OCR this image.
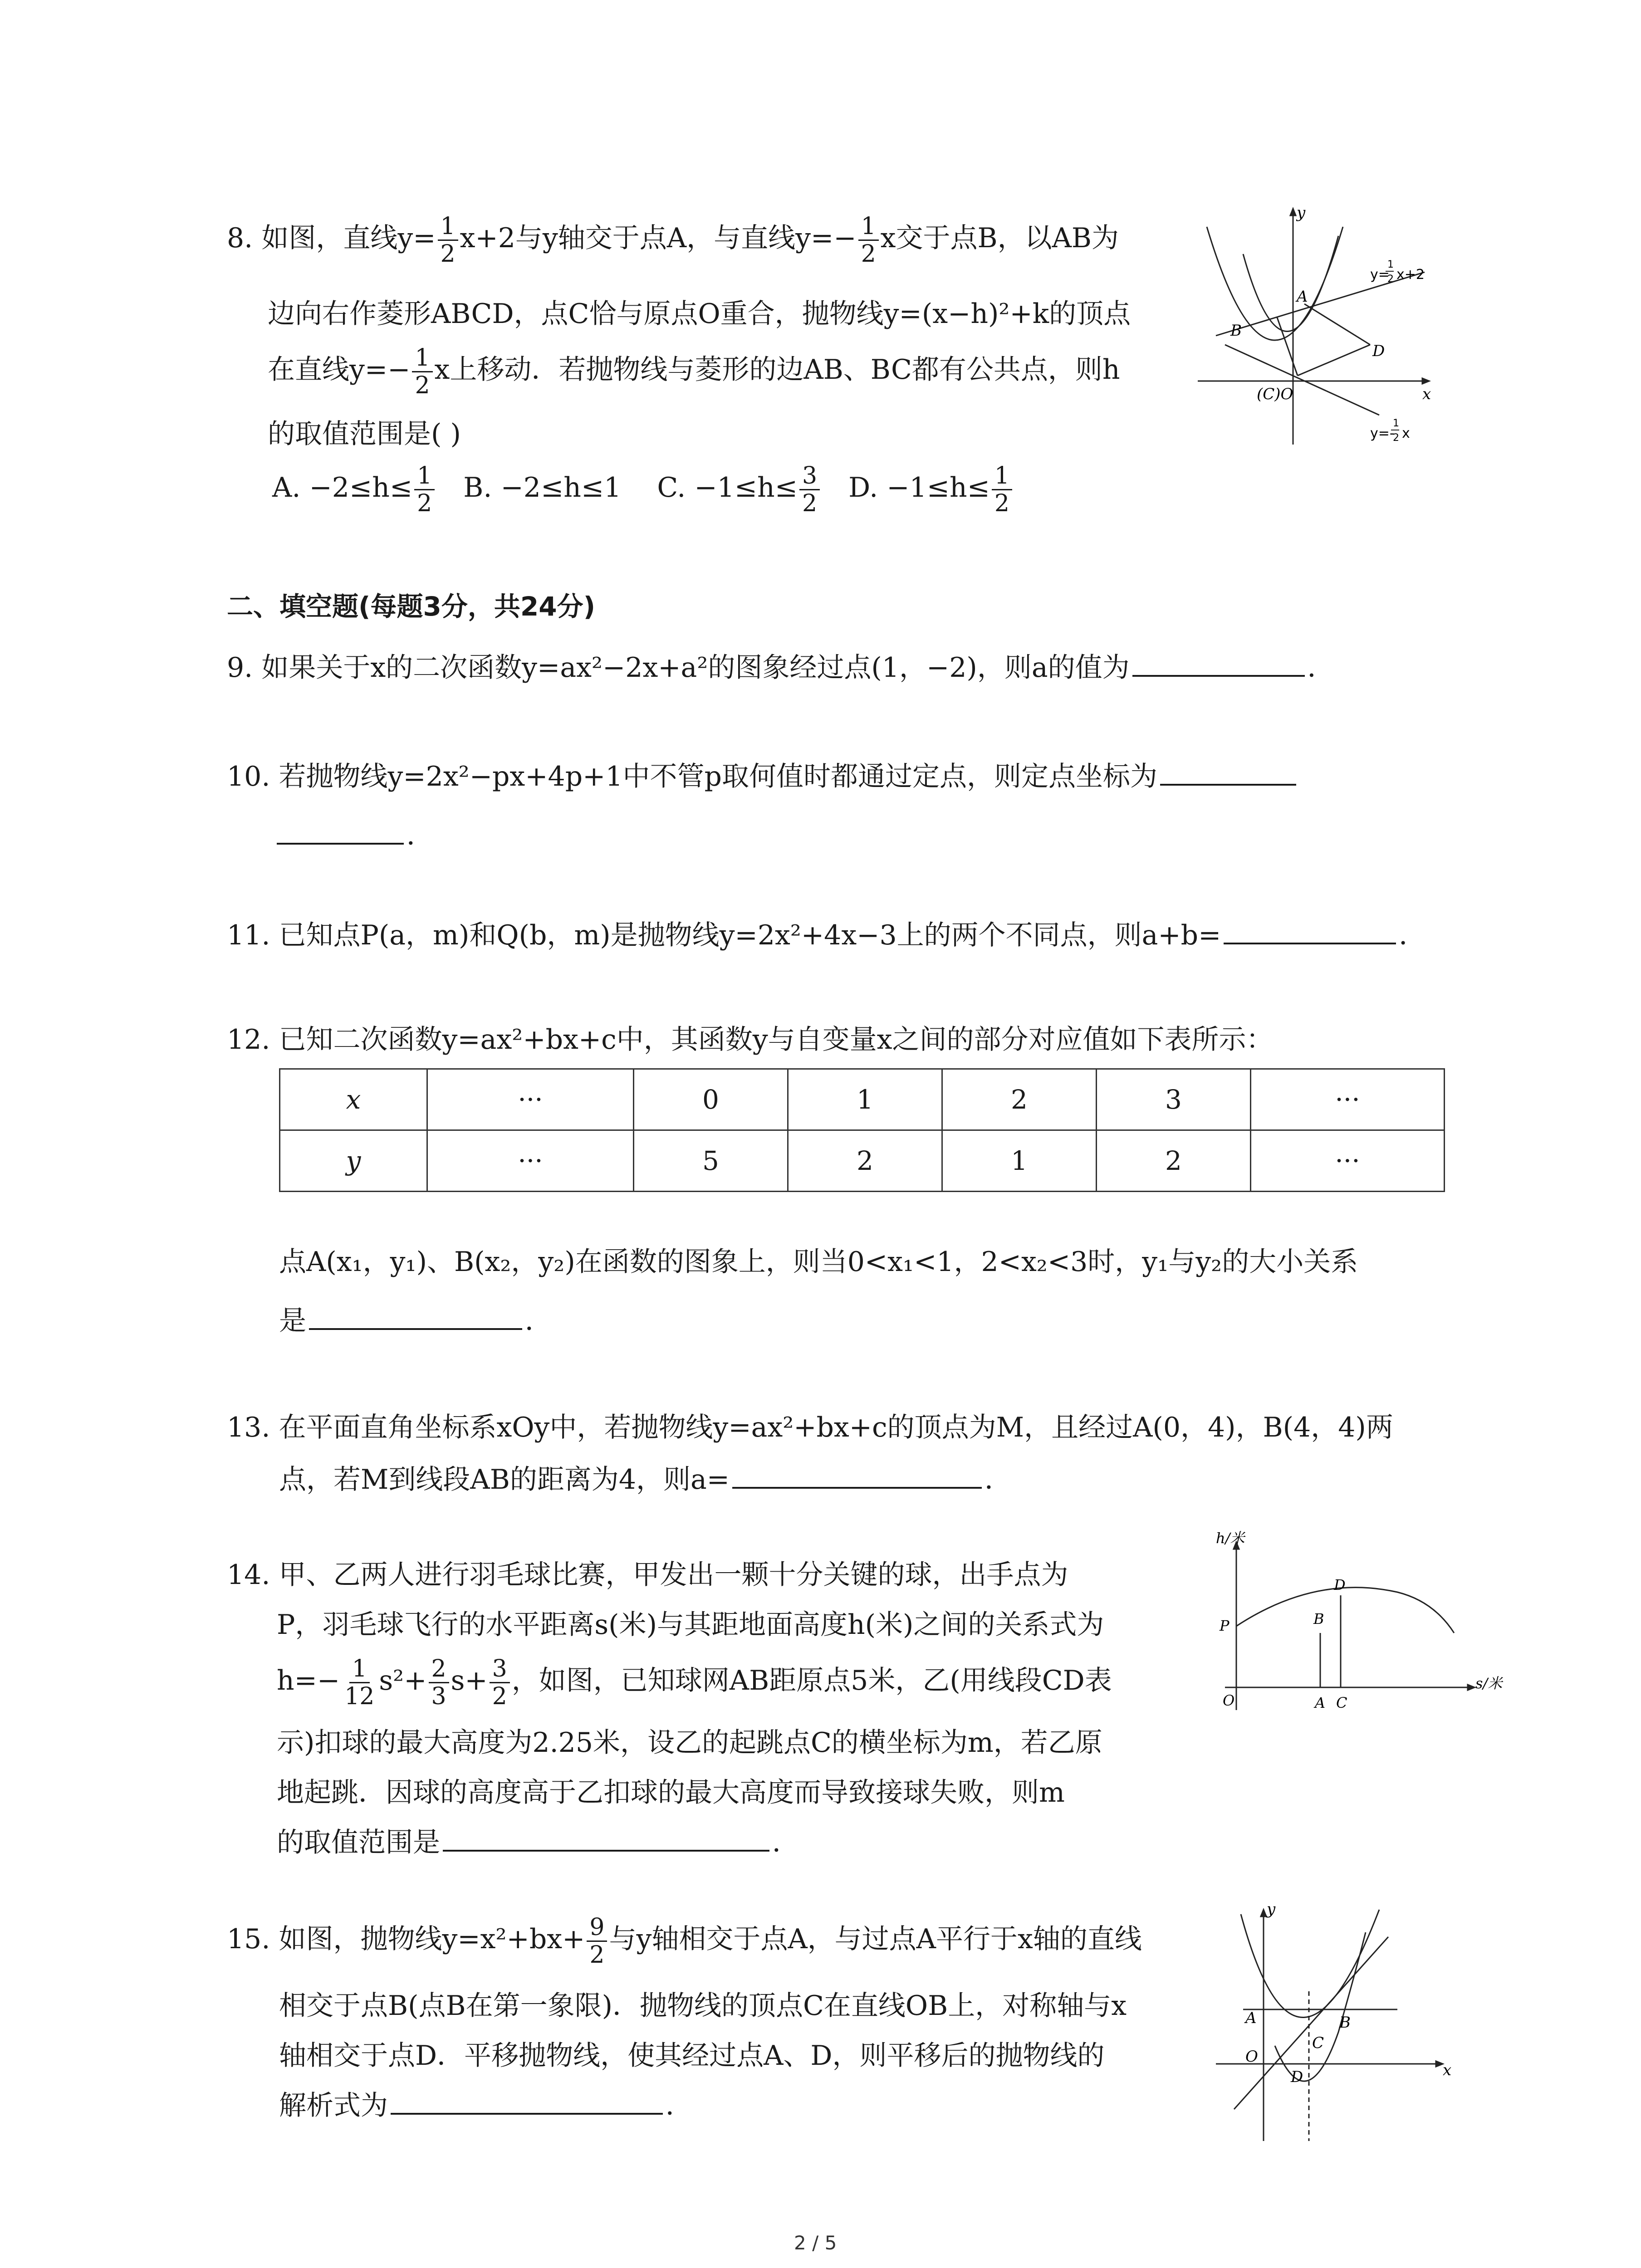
8. 如图，直线$y= \frac{1}{2} x+2$与y轴交于点A，与直线$y=- \frac{1}{2}$ x交于点B，以AB为
边向右作菱形ABCD，点C恰与原点O重合，抛物线y=(x−h)²+k的顶点
在直线$y=- \frac{1}{2}$ x上移动．若抛物线与菱形的边AB、BC都有公共点，则h
的取值范围是( )
A. $-2\le h\le \frac{1}{2} B$. −2≤h≤1 C. $-1\le h\le \frac{3}{2} D$. $-1\le h\le \frac{1}{2}$
y
x
A
B
D
(C)O
y=
1
2 x+2
y=-
1
2 x
二、填空题(每题3分，共24分)
9. 如果关于x的二次函数y=ax²−2x+a²的图象经过点(1，−2)，则a的值为	．
10. 若抛物线y=2x²−px+4p+1中不管p取何值时都通过定点，则定点坐标为
．
11. 已知点P(a，m)和Q(b，m)是抛物线y=2x²+4x−3上的两个不同点，则a+b=	．
12. 已知二次函数y=ax²+bx+c中，其函数y与自变量x之间的部分对应值如下表所示：
x	···	0	1	2	3	···
y	···	5	2	1	2	···
点A(x₁，y₁)、B(x₂，y₂)在函数的图象上，则当0<x₁<1，2<x₂<3时，y₁与y₂的大小关系
是	．
13. 在平面直角坐标系xOy中，若抛物线y=ax²+bx+c的顶点为M，且经过A(0，4)，B(4，4)两
点，若M到线段AB的距离为4，则a=	．
14. 甲、乙两人进行羽毛球比赛，甲发出一颗十分关键的球，出手点为
P，羽毛球飞行的水平距离s(米)与其距地面高度h(米)之间的关系式为
$h=- \frac{1}{12} s^2+ \frac{2}{3} s+ \frac{3}{2}$ ，如图，已知球网AB距原点5米，乙(用线段CD表
示)扣球的最大高度为2.25米，设乙的起跳点C的横坐标为m，若乙原
地起跳．因球的高度高于乙扣球的最大高度而导致接球失败，则m
的取值范围是	．
h/米
s/米
P	B
D
O	A C
15. 如图，抛物线$y=x^2+bx+ \frac{9}{2}$ 与y轴相交于点A，与过点A平行于x轴的直线
相交于点B(点B在第一象限)．抛物线的顶点C在直线OB上，对称轴与x
轴相交于点D．平移抛物线，使其经过点A、D，则平移后的抛物线的
解析式为	．
y
x
A	B
C
O
D
2 / 5
